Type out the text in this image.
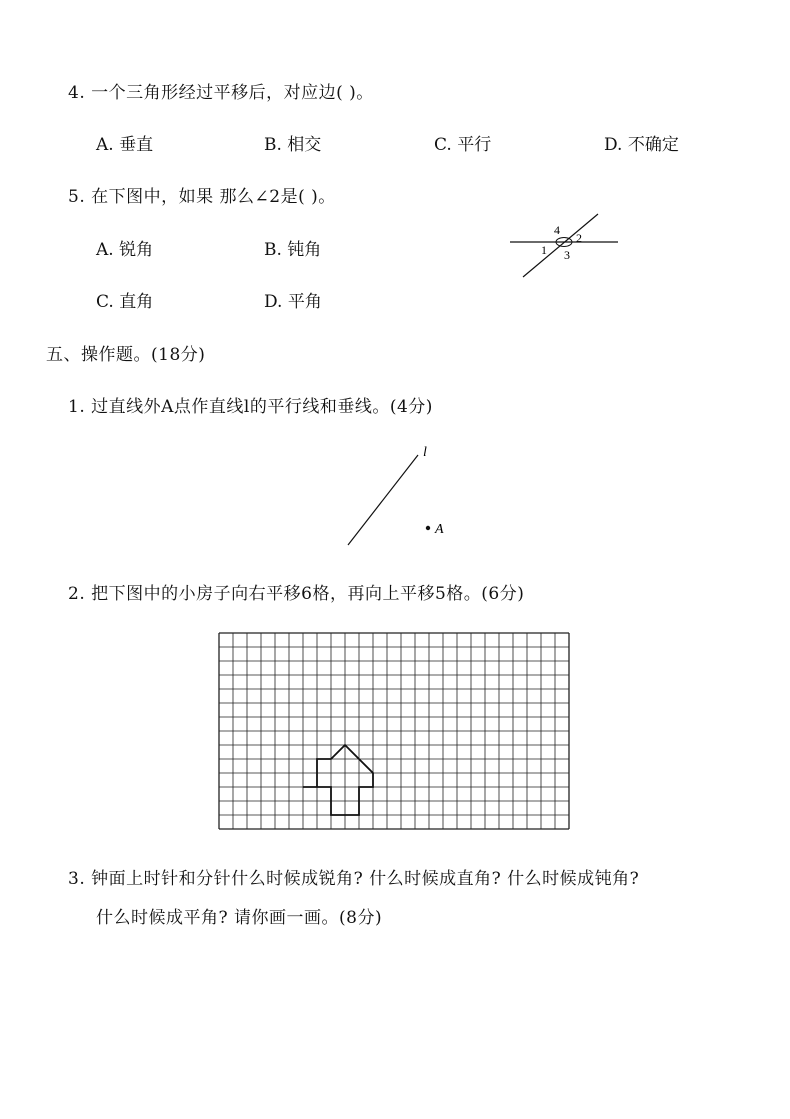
4. 一个三角形经过平移后，对应边( )。
A. 垂直	B. 相交	C. 平行	D. 不确定
5. 在下图中，如果 那么∠2是( )。
A. 锐角	B. 钝角
C. 直角	D. 平角
4
2
1 3
五、操作题。(18分)
1. 过直线外A点作直线l的平行线和垂线。(4分)
l
A
2. 把下图中的小房子向右平移6格，再向上平移5格。(6分)
3. 钟面上时针和分针什么时候成锐角? 什么时候成直角? 什么时候成钝角?
什么时候成平角? 请你画一画。(8分)
